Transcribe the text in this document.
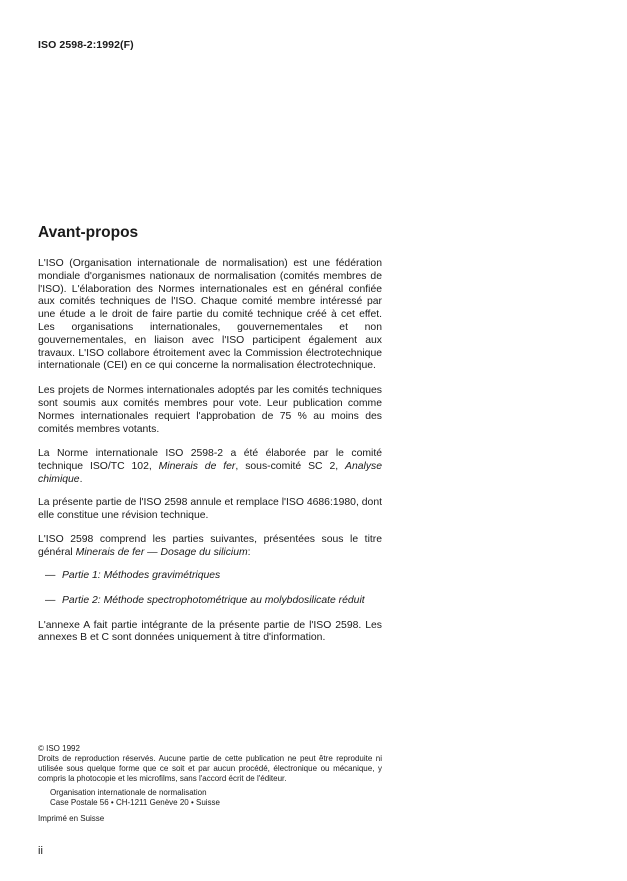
ISO 2598-2:1992(F)
Avant-propos

L'ISO (Organisation internationale de normalisation) est une fédération mondiale d'organismes nationaux de normalisation (comités membres de l'ISO). L'élaboration des Normes internationales est en général confiée aux comités techniques de l'ISO. Chaque comité membre intéressé par une étude a le droit de faire partie du comité technique créé à cet effet. Les organisations internationales, gouvernementales et non gouvernementales, en liaison avec l'ISO participent également aux travaux. L'ISO collabore étroitement avec la Commission électrotechnique internationale (CEI) en ce qui concerne la normalisation électrotechnique.

Les projets de Normes internationales adoptés par les comités techniques sont soumis aux comités membres pour vote. Leur publication comme Normes internationales requiert l'approbation de 75 % au moins des comités membres votants.

La Norme internationale ISO 2598-2 a été élaborée par le comité technique ISO/TC 102, Minerais de fer, sous-comité SC 2, Analyse chimique.

La présente partie de l'ISO 2598 annule et remplace l'ISO 4686:1980, dont elle constitue une révision technique.

L'ISO 2598 comprend les parties suivantes, présentées sous le titre général Minerais de fer — Dosage du silicium:

— Partie 1: Méthodes gravimétriques
— Partie 2: Méthode spectrophotométrique au molybdosilicate réduit

L'annexe A fait partie intégrante de la présente partie de l'ISO 2598. Les annexes B et C sont données uniquement à titre d'information.

© ISO 1992

Droits de reproduction réservés. Aucune partie de cette publication ne peut être reproduite ni utilisée sous quelque forme que ce soit et par aucun procédé, électronique ou mécanique, y compris la photocopie et les microfilms, sans l'accord écrit de l'éditeur.

Organisation internationale de normalisation

Case Postale 56 • CH-1211 Genève 20 • Suisse

Imprimé en Suisse

ii
